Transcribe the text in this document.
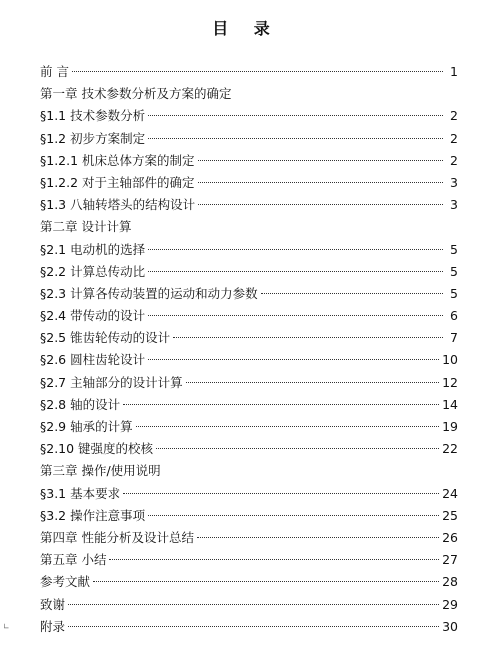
目 录
前 言	1
第一章 技术参数分析及方案的确定
§1.1 技术参数分析	2
§1.2 初步方案制定	2
§1.2.1 机床总体方案的制定	2
§1.2.2 对于主轴部件的确定	3
§1.3 八轴转塔头的结构设计	3
第二章 设计计算
§2.1 电动机的选择	5
§2.2 计算总传动比	5
§2.3 计算各传动装置的运动和动力参数	5
§2.4 带传动的设计	6
§2.5 锥齿轮传动的设计	7
§2.6 圆柱齿轮设计	10
§2.7 主轴部分的设计计算	12
§2.8 轴的设计	14
§2.9 轴承的计算	19
§2.10 键强度的校核	22
第三章 操作/使用说明
§3.1 基本要求	24
§3.2 操作注意事项	25
第四章 性能分析及设计总结	26
第五章 小结	27
参考文献	28
致谢	29
附录	30
∟
